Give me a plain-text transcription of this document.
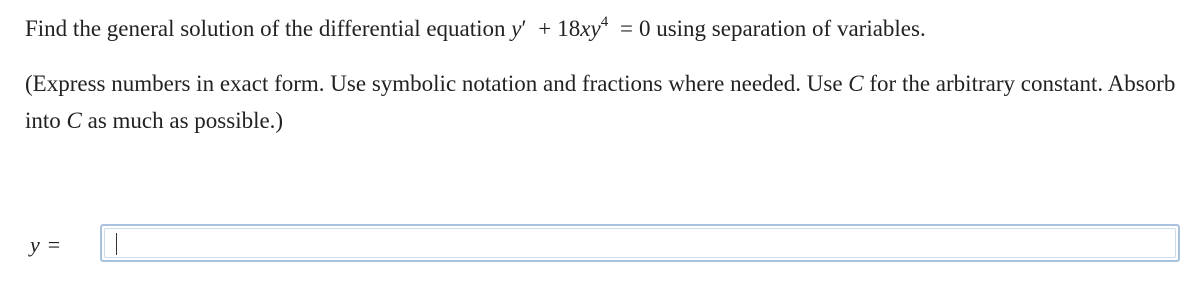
Find the general solution of the differential equation $y' + 18xy^4 = 0$ using separation of variables.
(Express numbers in exact form. Use symbolic notation and fractions where needed. Use C for the arbitrary constant. Absorb into C as much as possible.)
y =
